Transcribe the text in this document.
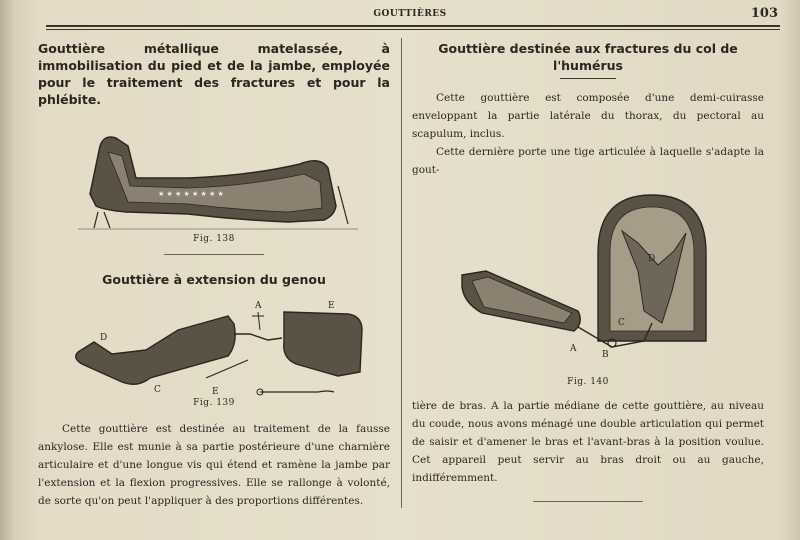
GOUTTIÈRES	103

Gouttière métallique matelassée, à immobilisation du pied et de la jambe, employée pour le traitement des fractures et pour la phlébite.

★ ★ ★ ★ ★ ★ ★ ★
Fig. 138

Gouttière à extension du genou

D
C	E
E
A
Fig. 139

Cette gouttière est destinée au traitement de la fausse ankylose. Elle est munie à sa partie postérieure d'une charnière articulaire et d'une longue vis qui étend et ramène la jambe par l'extension et la flexion progressives. Elle se rallonge à volonté, de sorte qu'on peut l'appliquer à des proportions différentes.

Gouttière destinée aux fractures du col de l'humérus

Cette gouttière est composée d'une demi-cuirasse enveloppant la partie latérale du thorax, du pectoral au scapulum, inclus.

Cette dernière porte une tige articulée à laquelle s'adapte la gout-

D
C
A
B
Fig. 140

tière de bras. A la partie médiane de cette gouttière, au niveau du coude, nous avons ménagé une double articulation qui permet de saisir et d'amener le bras et l'avant-bras à la position voulue. Cet appareil peut servir au bras droit ou au gauche, indifféremment.
